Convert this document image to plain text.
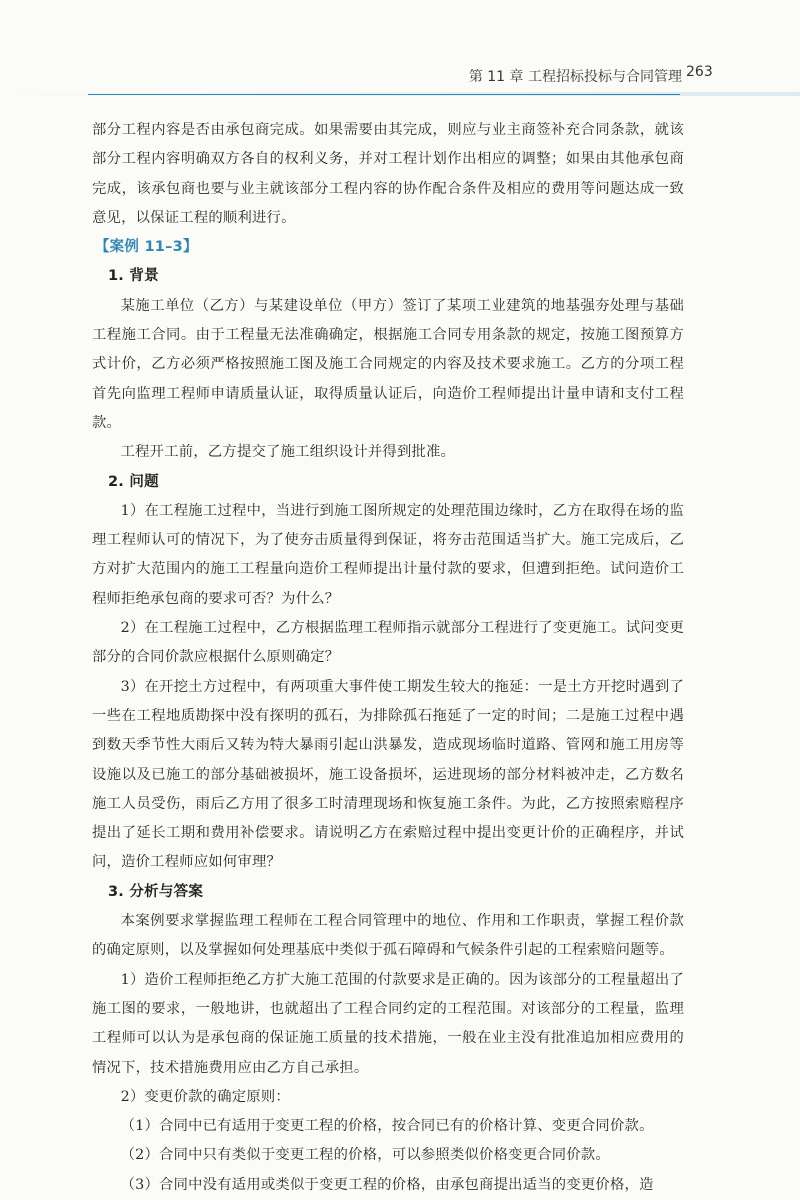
第 11 章 工程招标投标与合同管理 263

部分工程内容是否由承包商完成。如果需要由其完成，则应与业主商签补充合同条款，就该部分工程内容明确双方各自的权利义务，并对工程计划作出相应的调整；如果由其他承包商完成，该承包商也要与业主就该部分工程内容的协作配合条件及相应的费用等问题达成一致意见，以保证工程的顺利进行。

【案例 11–3】

1. 背景

某施工单位（乙方）与某建设单位（甲方）签订了某项工业建筑的地基强夯处理与基础工程施工合同。由于工程量无法准确确定，根据施工合同专用条款的规定，按施工图预算方式计价，乙方必须严格按照施工图及施工合同规定的内容及技术要求施工。乙方的分项工程首先向监理工程师申请质量认证，取得质量认证后，向造价工程师提出计量申请和支付工程款。

工程开工前，乙方提交了施工组织设计并得到批准。

2. 问题

1）在工程施工过程中，当进行到施工图所规定的处理范围边缘时，乙方在取得在场的监理工程师认可的情况下，为了使夯击质量得到保证，将夯击范围适当扩大。施工完成后，乙方对扩大范围内的施工工程量向造价工程师提出计量付款的要求，但遭到拒绝。试问造价工程师拒绝承包商的要求可否？为什么？

2）在工程施工过程中，乙方根据监理工程师指示就部分工程进行了变更施工。试问变更部分的合同价款应根据什么原则确定？

3）在开挖土方过程中，有两项重大事件使工期发生较大的拖延：一是土方开挖时遇到了一些在工程地质勘探中没有探明的孤石，为排除孤石拖延了一定的时间；二是施工过程中遇到数天季节性大雨后又转为特大暴雨引起山洪暴发，造成现场临时道路、管网和施工用房等设施以及已施工的部分基础被损坏，施工设备损坏，运进现场的部分材料被冲走，乙方数名施工人员受伤，雨后乙方用了很多工时清理现场和恢复施工条件。为此，乙方按照索赔程序提出了延长工期和费用补偿要求。请说明乙方在索赔过程中提出变更计价的正确程序，并试问，造价工程师应如何审理？

3. 分析与答案

本案例要求掌握监理工程师在工程合同管理中的地位、作用和工作职责，掌握工程价款的确定原则，以及掌握如何处理基底中类似于孤石障碍和气候条件引起的工程索赔问题等。

1）造价工程师拒绝乙方扩大施工范围的付款要求是正确的。因为该部分的工程量超出了施工图的要求，一般地讲，也就超出了工程合同约定的工程范围。对该部分的工程量，监理工程师可以认为是承包商的保证施工质量的技术措施，一般在业主没有批准追加相应费用的情况下，技术措施费用应由乙方自己承担。

2）变更价款的确定原则：

（1）合同中已有适用于变更工程的价格，按合同已有的价格计算、变更合同价款。

（2）合同中只有类似于变更工程的价格，可以参照类似价格变更合同价款。

（3）合同中没有适用或类似于变更工程的价格，由承包商提出适当的变更价格，造
